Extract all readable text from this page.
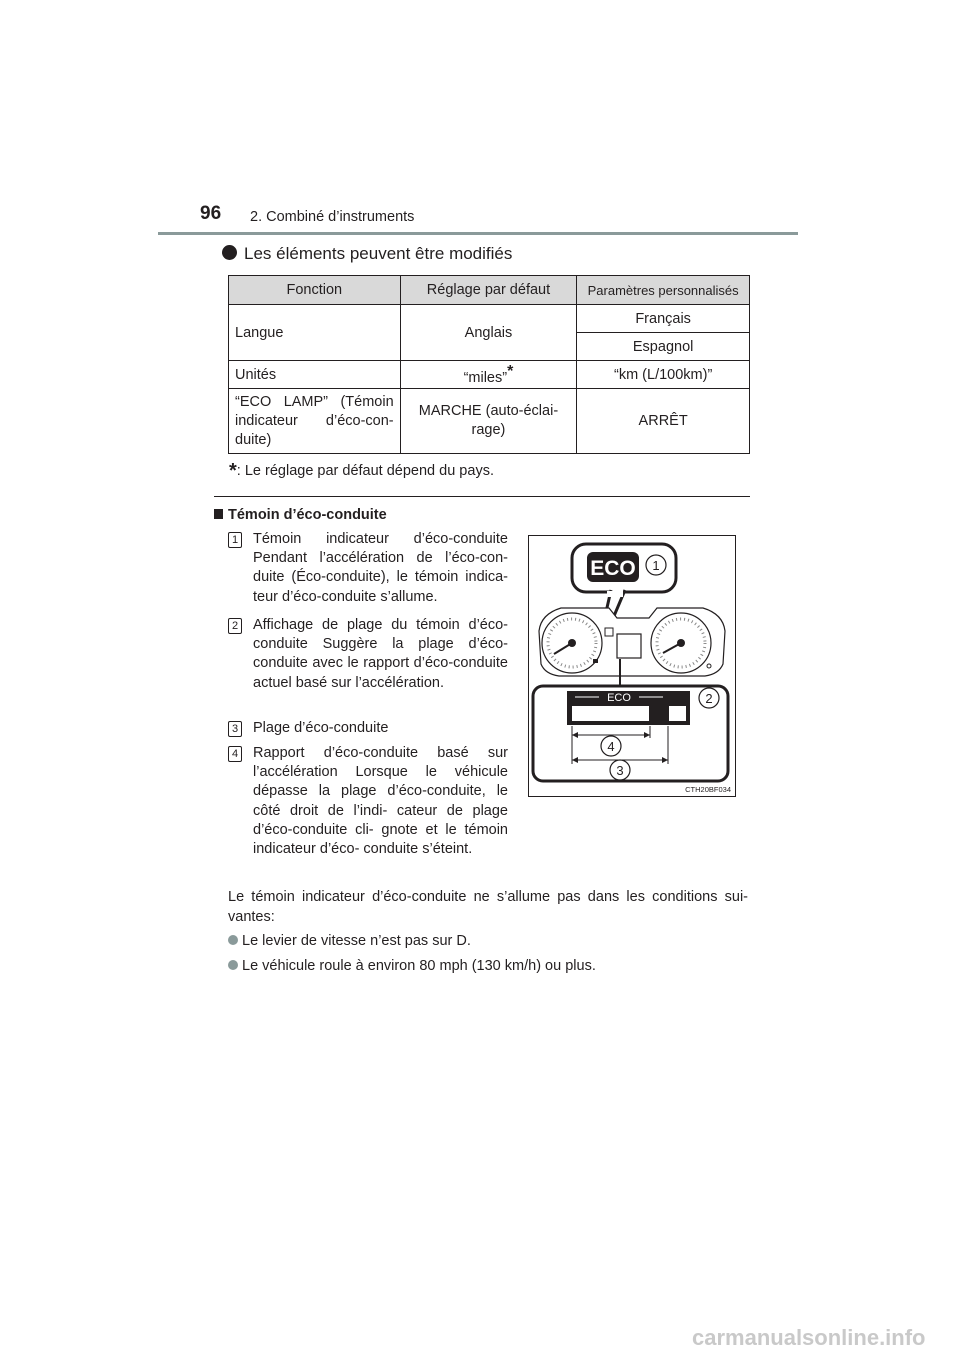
96 2. Combiné d’instruments
Les éléments peuvent être modifiés
Fonction	Réglage par défaut	Paramètres personnalisés
Langue	Anglais	Français
		Espagnol
Unités	“miles”*	“km (L/100km)”
“ECO LAMP” (Témoin indicateur d’éco-con- duite)	MARCHE (auto-éclai- rage)	ARRÊT
*: Le réglage par défaut dépend du pays.
Témoin d’éco-conduite
1 Témoin indicateur d’éco-conduite Pendant l’accélération de l’éco-con- duite (Éco-conduite), le témoin indica- teur d’éco-conduite s’allume.
2 Affichage de plage du témoin d’éco- conduite Suggère la plage d’éco-conduite avec le rapport d’éco-conduite actuel basé sur l’accélération.
3 Plage d’éco-conduite
4 Rapport d’éco-conduite basé sur l’accélération Lorsque le véhicule dépasse la plage d’éco-conduite, le côté droit de l’indi- cateur de plage d’éco-conduite cli- gnote et le témoin indicateur d’éco- conduite s’éteint.
ECO 1
ECO	2
4
3
CTH20BF034
Le témoin indicateur d’éco-conduite ne s’allume pas dans les conditions sui- vantes:
Le levier de vitesse n’est pas sur D.
Le véhicule roule à environ 80 mph (130 km/h) ou plus.
carmanualsonline.info
